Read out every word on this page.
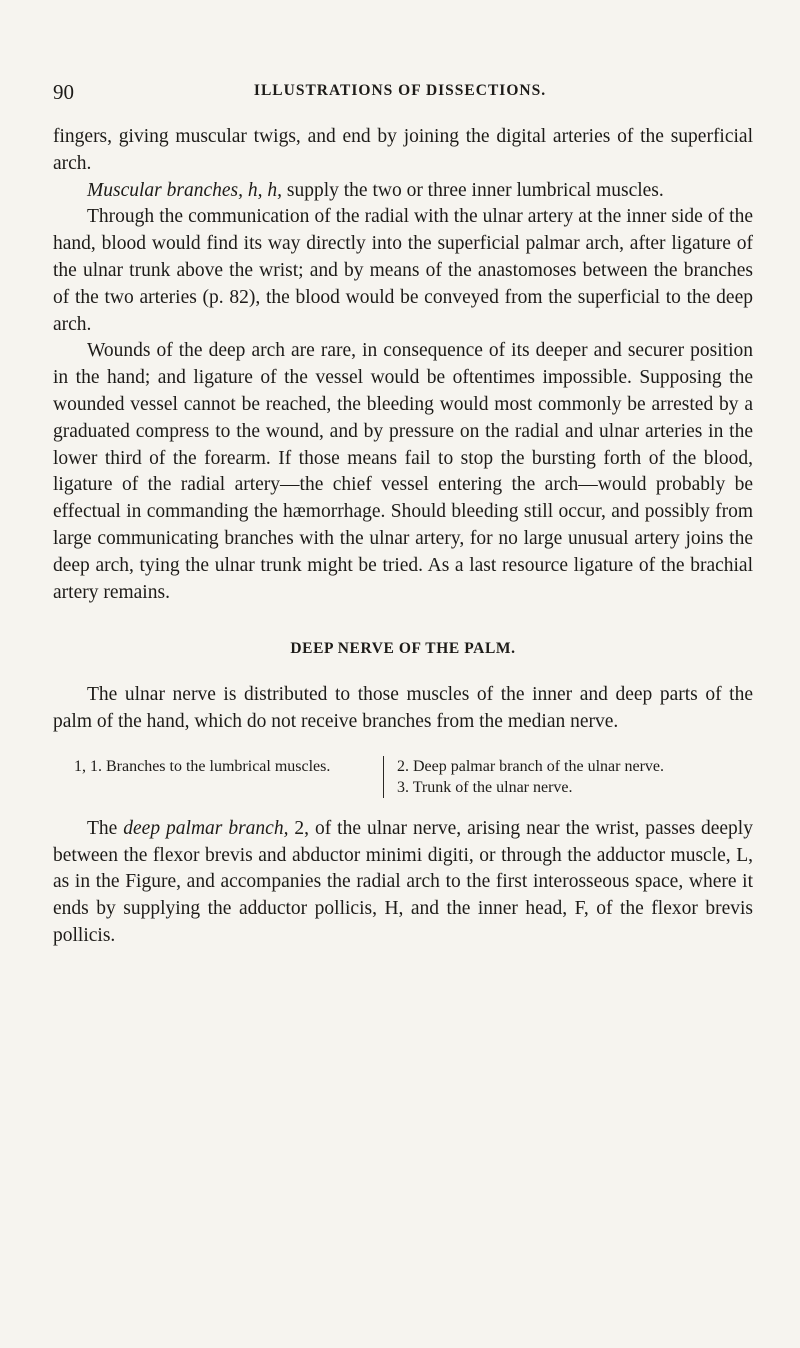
90	ILLUSTRATIONS OF DISSECTIONS.

fingers, giving muscular twigs, and end by joining the digital arteries of the superficial arch.

Muscular branches, h, h, supply the two or three inner lumbrical muscles.

Through the communication of the radial with the ulnar artery at the inner side of the hand, blood would find its way directly into the superficial palmar arch, after ligature of the ulnar trunk above the wrist; and by means of the anastomoses between the branches of the two arteries (p. 82), the blood would be conveyed from the superficial to the deep arch.

Wounds of the deep arch are rare, in consequence of its deeper and securer position in the hand; and ligature of the vessel would be oftentimes impossible. Supposing the wounded vessel cannot be reached, the bleeding would most commonly be arrested by a graduated compress to the wound, and by pressure on the radial and ulnar arteries in the lower third of the forearm. If those means fail to stop the bursting forth of the blood, ligature of the radial artery—the chief vessel entering the arch—would probably be effectual in commanding the hæmorrhage. Should bleeding still occur, and possibly from large communicating branches with the ulnar artery, for no large unusual artery joins the deep arch, tying the ulnar trunk might be tried. As a last resource ligature of the brachial artery remains.

DEEP NERVE OF THE PALM.

The ulnar nerve is distributed to those muscles of the inner and deep parts of the palm of the hand, which do not receive branches from the median nerve.

1, 1. Branches to the lumbrical muscles.	2. Deep palmar branch of the ulnar nerve.
3. Trunk of the ulnar nerve.

The deep palmar branch, 2, of the ulnar nerve, arising near the wrist, passes deeply between the flexor brevis and abductor minimi digiti, or through the adductor muscle, L, as in the Figure, and accompanies the radial arch to the first interosseous space, where it ends by supplying the adductor pollicis, H, and the inner head, F, of the flexor brevis pollicis.
